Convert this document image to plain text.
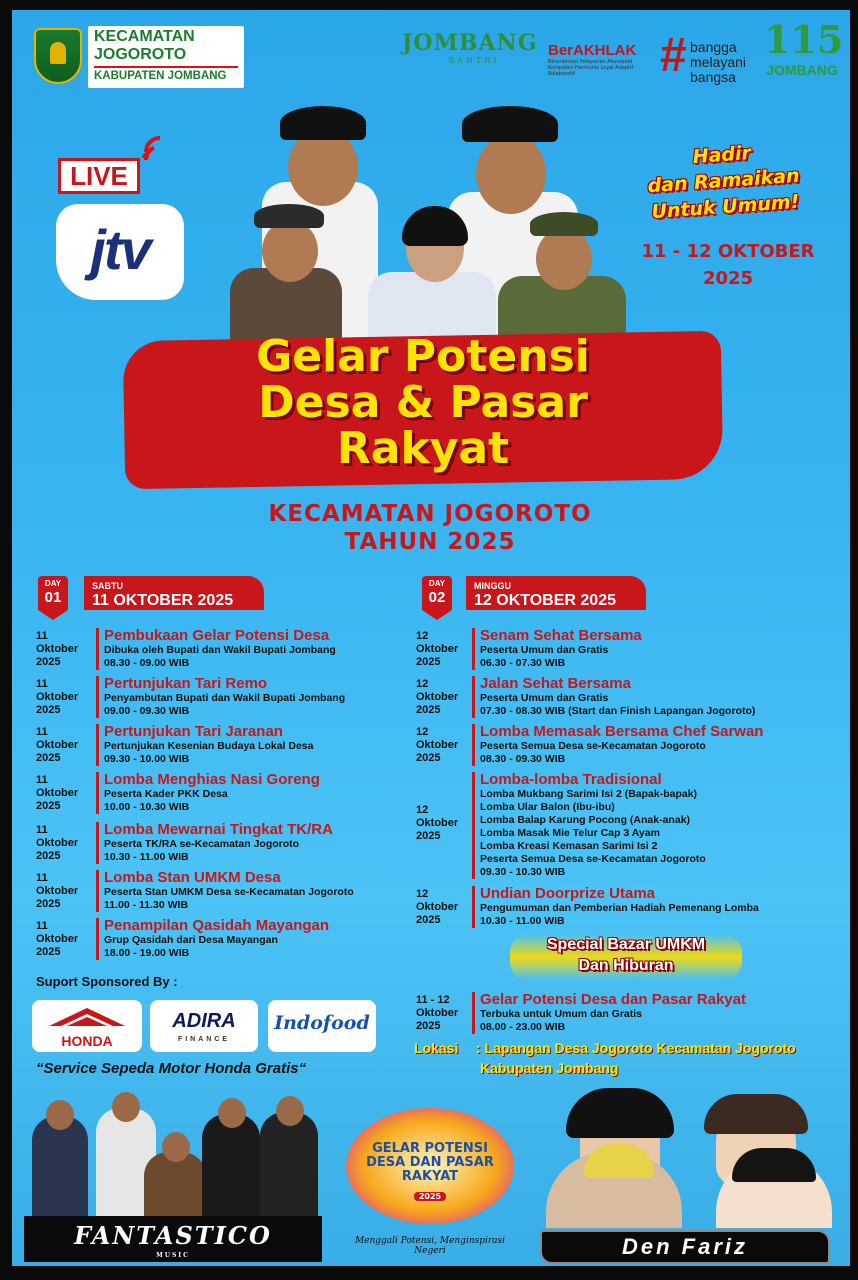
KECAMATAN
JOGOROTO
KABUPATEN JOMBANG
JOMBANG
SANTRI
BerAKHLAK
Berorientasi Pelayanan Akuntabel Kompeten Harmonis Loyal Adaptif Kolaboratif	# bangga
melayani
bangsa
115
JOMBANG
LIVE
jtv
Hadir
dan Ramaikan
Untuk Umum!
11 - 12 OKTOBER
2025
Gelar Potensi
Desa & Pasar
Rakyat
KECAMATAN JOGOROTO
TAHUN 2025
DAY
01
SABTU
11 OKTOBER 2025
DAY
02
MINGGU
12 OKTOBER 2025
11
Oktober
2025
Pembukaan Gelar Potensi Desa
Dibuka oleh Bupati dan Wakil Bupati Jombang
08.30 - 09.00 WIB
11
Oktober
2025
Pertunjukan Tari Remo
Penyambutan Bupati dan Wakil Bupati Jombang
09.00 - 09.30 WIB
11
Oktober
2025
Pertunjukan Tari Jaranan
Pertunjukan Kesenian Budaya Lokal Desa
09.30 - 10.00 WIB
11
Oktober
2025
Lomba Menghias Nasi Goreng
Peserta Kader PKK Desa
10.00 - 10.30 WIB
11
Oktober
2025
Lomba Mewarnai Tingkat TK/RA
Peserta TK/RA se-Kecamatan Jogoroto
10.30 - 11.00 WIB
11
Oktober
2025
Lomba Stan UMKM Desa
Peserta Stan UMKM Desa se-Kecamatan Jogoroto
11.00 - 11.30 WIB
11
Oktober
2025
Penampilan Qasidah Mayangan
Grup Qasidah dari Desa Mayangan
18.00 - 19.00 WIB
12
Oktober
2025
Senam Sehat Bersama
Peserta Umum dan Gratis
06.30 - 07.30 WIB
12
Oktober
2025
Jalan Sehat Bersama
Peserta Umum dan Gratis
07.30 - 08.30 WIB (Start dan Finish Lapangan Jogoroto)
12
Oktober
2025
Lomba Memasak Bersama Chef Sarwan
Peserta Semua Desa se-Kecamatan Jogoroto
08.30 - 09.30 WIB
12
Oktober
2025
Lomba-lomba Tradisional
Lomba Mukbang Sarimi Isi 2 (Bapak-bapak)
Lomba Ular Balon (Ibu-ibu)
Lomba Balap Karung Pocong (Anak-anak)
Lomba Masak Mie Telur Cap 3 Ayam
Lomba Kreasi Kemasan Sarimi Isi 2
Peserta Semua Desa se-Kecamatan Jogoroto
09.30 - 10.30 WIB
12
Oktober
2025
Undian Doorprize Utama
Pengumuman dan Pemberian Hadiah Pemenang Lomba
10.30 - 11.00 WIB
11 - 12
Oktober
2025
Gelar Potensi Desa dan Pasar Rakyat
Terbuka untuk Umum dan Gratis
08.00 - 23.00 WIB
Special Bazar UMKM
Dan Hiburan
Lokasi : Lapangan Desa Jogoroto Kecamatan Jogoroto
Kabupaten Jombang
Suport Sponsored By :
HONDA
ADIRA
FINANCE
Indofood
“Service Sepeda Motor Honda Gratis“
FANTASTICO
MUSIC
GELAR POTENSI
DESA DAN PASAR
RAKYAT
2025
Menggali Potensi, Menginspirasi Negeri	Den Fariz
